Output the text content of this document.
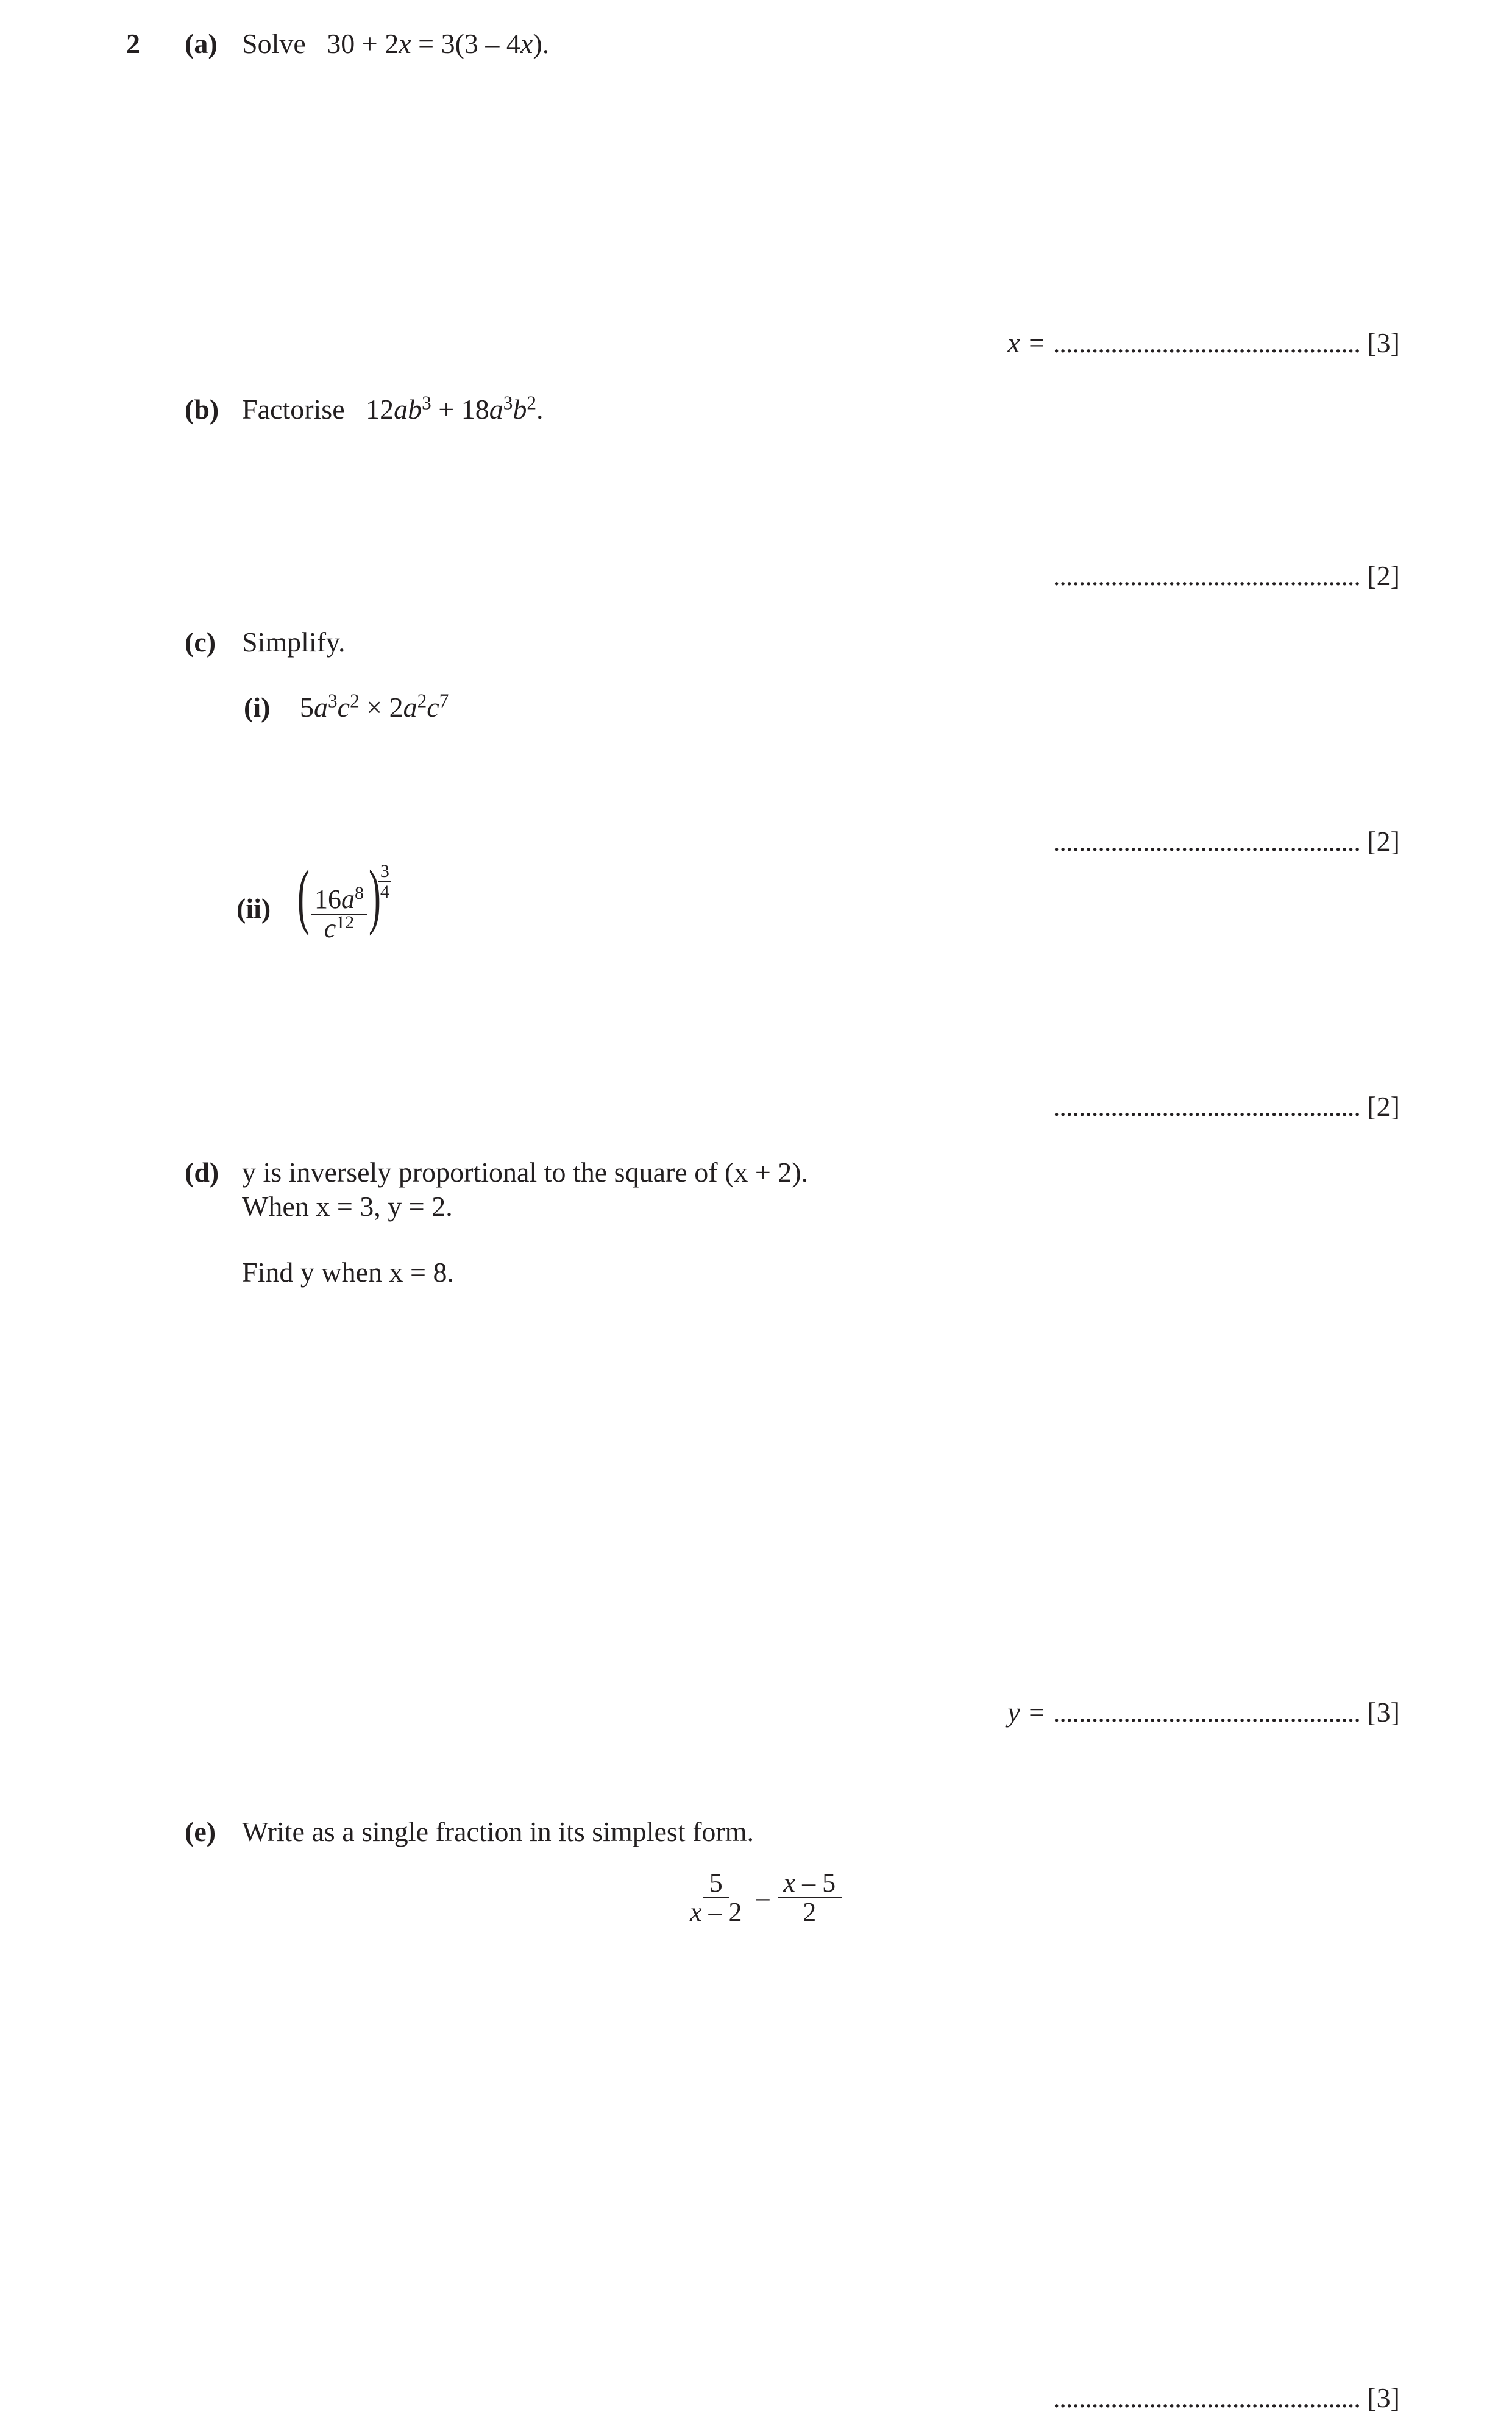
2 (a) Solve   30 + 2x = 3(3 – 4x).
x = ................................................ [3]
(b) Factorise   $12ab^3 + 18a^3b^2$.
................................................ [2]
(c) Simplify.
(i) $5a^3c^2 \times 2a^2c^7$
................................................ [2]
(ii) ( $\frac{16a^8}{c^{12}}$ )
$\frac{3}{4}$
................................................ [2]
(d) y is inversely proportional to the square of (x + 2).
When x = 3, y = 2.
Find y when x = 8.
y = ................................................ [3]
(e) Write as a single fraction in its simplest form.
$\frac{5}{x - 2} - \frac{x - 5}{2}$
................................................ [3]
